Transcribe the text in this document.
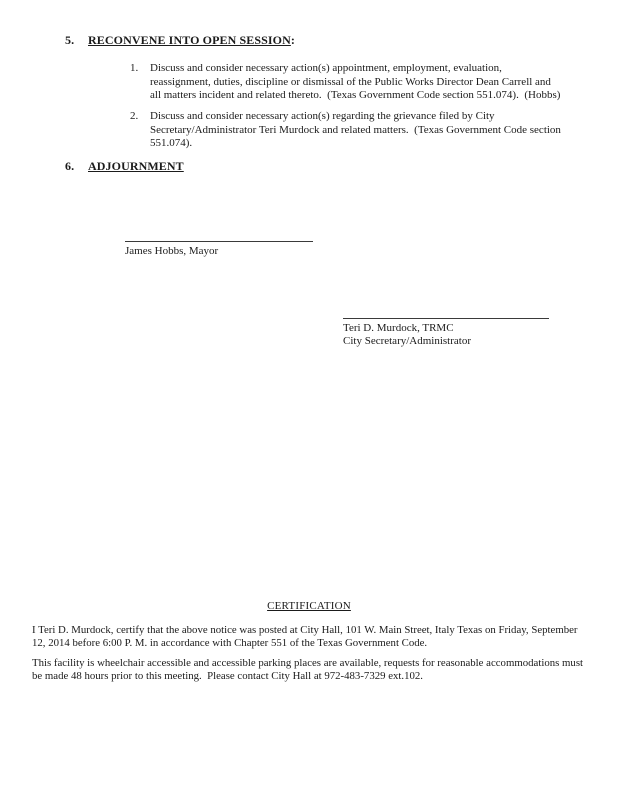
5.	RECONVENE INTO OPEN SESSION :
1.	Discuss and consider necessary action(s) appointment, employment, evaluation, reassignment, duties, discipline or dismissal of the Public Works Director Dean Carrell and all matters incident and related thereto.  (Texas Government Code section 551.074).  (Hobbs)
2.	Discuss and consider necessary action(s) regarding the grievance filed by City Secretary/Administrator Teri Murdock and related matters.  (Texas Government Code section 551.074).
6.	ADJOURNMENT
James Hobbs, Mayor
Teri D. Murdock, TRMC
City Secretary/Administrator
CERTIFICATION
I Teri D. Murdock, certify that the above notice was posted at City Hall, 101 W. Main Street, Italy Texas on Friday, September 12, 2014 before 6:00 P. M. in accordance with Chapter 551 of the Texas Government Code.
This facility is wheelchair accessible and accessible parking places are available, requests for reasonable accommodations must be made 48 hours prior to this meeting.  Please contact City Hall at 972-483-7329 ext.102.
